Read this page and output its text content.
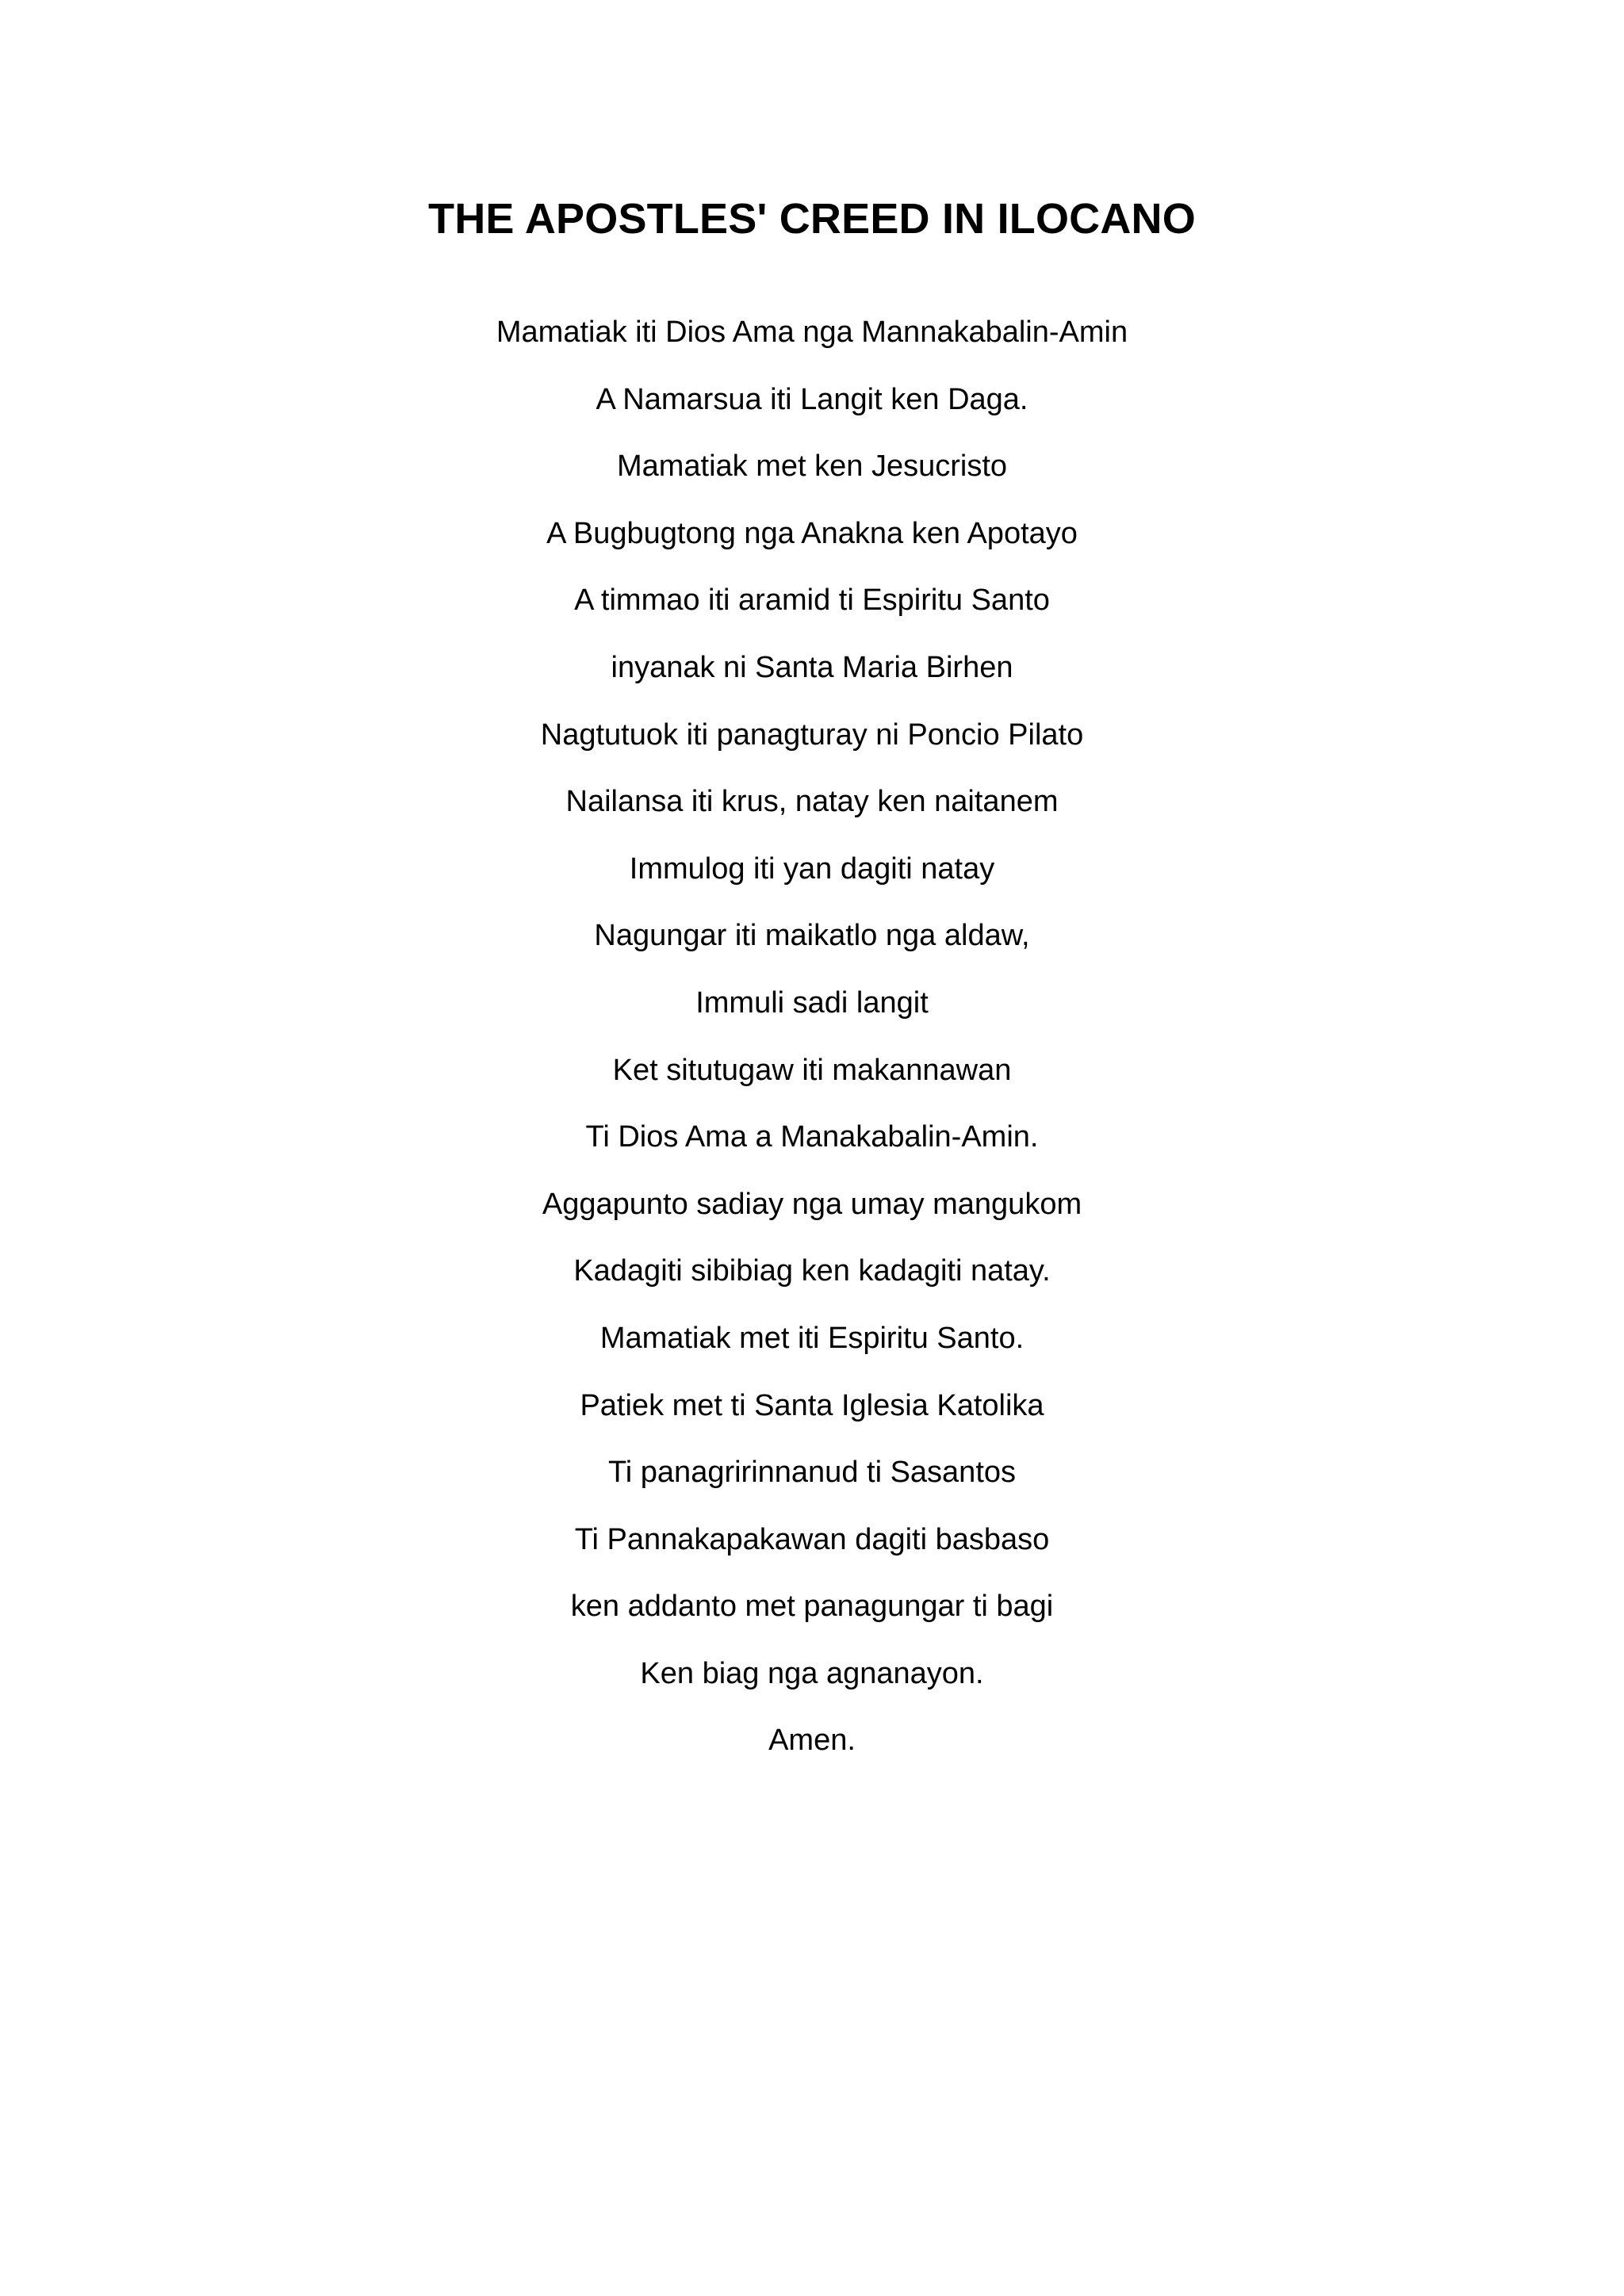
THE APOSTLES' CREED IN ILOCANO
Mamatiak iti Dios Ama nga Mannakabalin-Amin
A Namarsua iti Langit ken Daga.
Mamatiak met ken Jesucristo
A Bugbugtong nga Anakna ken Apotayo
A timmao iti aramid ti Espiritu Santo
inyanak ni Santa Maria Birhen
Nagtutuok iti panagturay ni Poncio Pilato
Nailansa iti krus, natay ken naitanem
Immulog iti yan dagiti natay
Nagungar iti maikatlo nga aldaw,
Immuli sadi langit
Ket situtugaw iti makannawan
Ti Dios Ama a Manakabalin-Amin.
Aggapunto sadiay nga umay mangukom
Kadagiti sibibiag ken kadagiti natay.
Mamatiak met iti Espiritu Santo.
Patiek met ti Santa Iglesia Katolika
Ti panagririnnanud ti Sasantos
Ti Pannakapakawan dagiti basbaso
ken addanto met panagungar ti bagi
Ken biag nga agnanayon.
Amen.
